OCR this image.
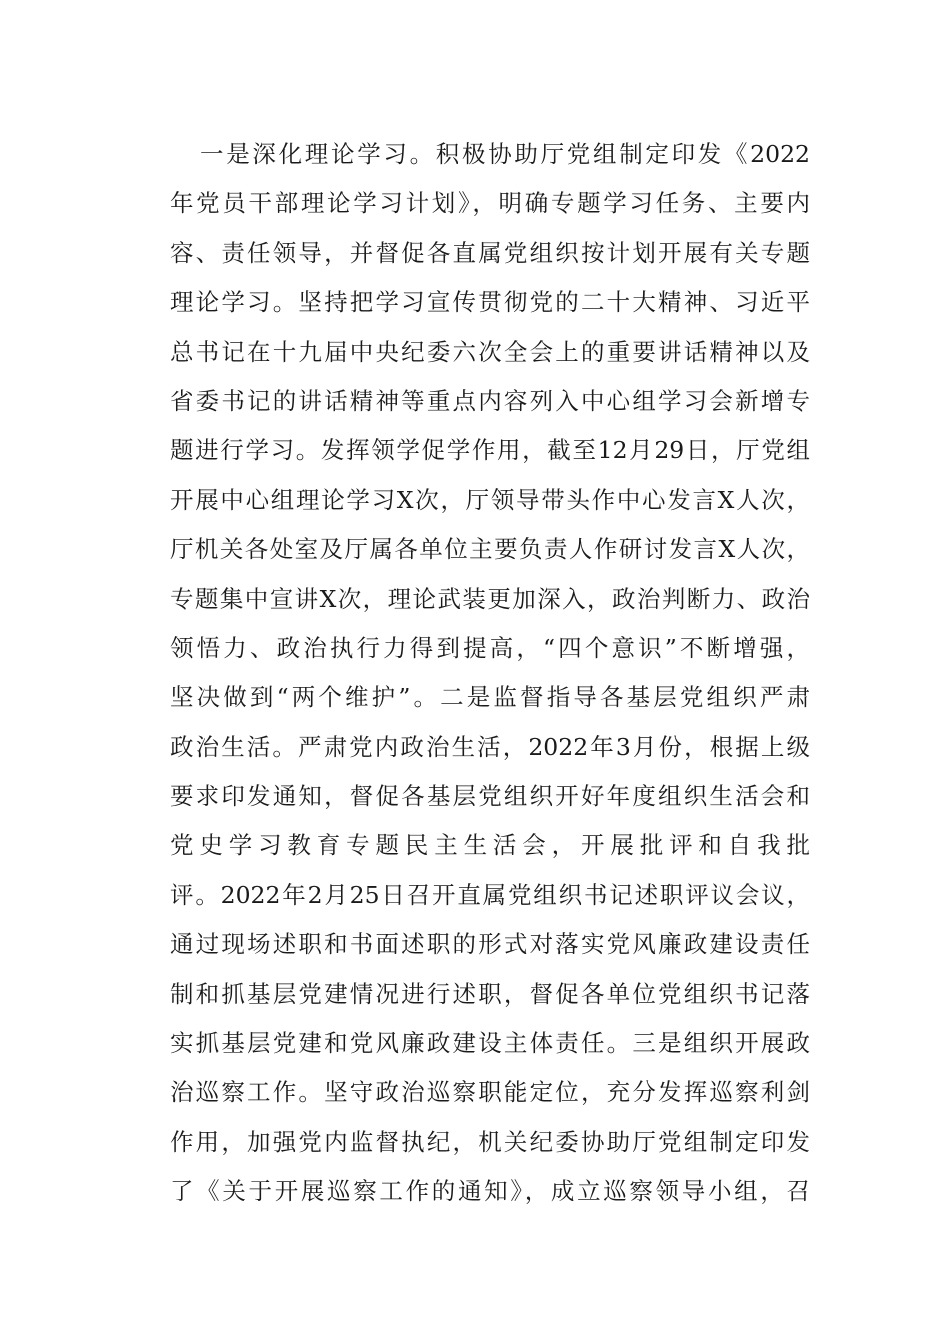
一是深化理论学习。积极协助厅党组制定印发《2022
年党员干部理论学习计划》，明确专题学习任务、主要内
容、责任领导，并督促各直属党组织按计划开展有关专题
理论学习。坚持把学习宣传贯彻党的二十大精神、习近平
总书记在十九届中央纪委六次全会上的重要讲话精神以及
省委书记的讲话精神等重点内容列入中心组学习会新增专
题进行学习。发挥领学促学作用，截至12月29日，厅党组
开展中心组理论学习X次，厅领导带头作中心发言X人次，
厅机关各处室及厅属各单位主要负责人作研讨发言X人次，
专题集中宣讲X次，理论武装更加深入，政治判断力、政治
领悟力、政治执行力得到提高，“四个意识”不断增强，
坚决做到“两个维护”。二是监督指导各基层党组织严肃
政治生活。严肃党内政治生活，2022年3月份，根据上级
要求印发通知，督促各基层党组织开好年度组织生活会和
党史学习教育专题民主生活会，开展批评和自我批
评。2022年2月25日召开直属党组织书记述职评议会议，
通过现场述职和书面述职的形式对落实党风廉政建设责任
制和抓基层党建情况进行述职，督促各单位党组织书记落
实抓基层党建和党风廉政建设主体责任。三是组织开展政
治巡察工作。坚守政治巡察职能定位，充分发挥巡察利剑
作用，加强党内监督执纪，机关纪委协助厅党组制定印发
了《关于开展巡察工作的通知》，成立巡察领导小组，召
